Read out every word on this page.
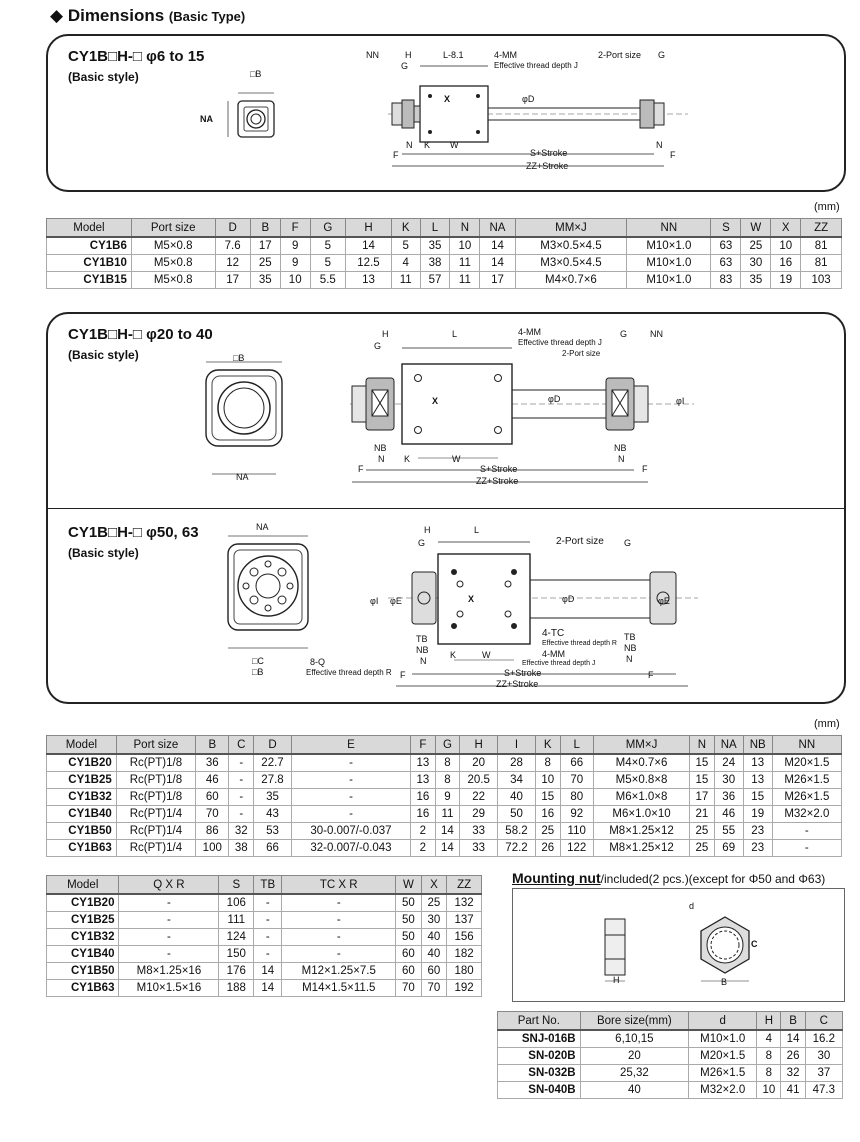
◆ Dimensions (Basic Type)
CY1B□H-□ φ6 to 15
(Basic style)	□B
NA
NN	H
G
L-8.1	4-MM
Effective thread depth J
2-Port size G
X	φD
N K W	N
F	S+Stroke	F
ZZ+Stroke
(mm)
Model	Port size	D	B	F	G	H	K	L	N	NA	MM×J	NN	S	W	X	ZZ
CY1B6	M5×0.8	7.6	17	9	5	14	5	35	10	14	M3×0.5×4.5	M10×1.0	63	25	10	81
CY1B10	M5×0.8	12	25	9	5	12.5	4	38	11	14	M3×0.5×4.5	M10×1.0	63	30	16	81
CY1B15	M5×0.8	17	35	10	5.5	13	11	57	11	17	M4×0.7×6	M10×1.0	83	35	19	103
CY1B□H-□ φ20 to 40
(Basic style)	□B
NA
H
G
L	4-MM
Effective thread depth J
2-Port size
G	NN
X	φD	φI
NB
N K	W
NB
N
F	S+Stroke	F
ZZ+Stroke
CY1B□H-□ φ50, 63
(Basic style)
NA
□C
□B
8-Q
Effective thread depth R
H
G
L
2-Port size G
φI φE	X	φD	φE
4-TC
Effective thread depth R
4-MM
Effective thread depth J
TB	TB
NB	NB
N	N
K	W
F	S+Stroke	F
ZZ+Stroke
(mm)
Model	Port size	B	C	D	E	F	G	H	I	K	L	MM×J	N	NA	NB	NN
CY1B20	Rc(PT)1/8	36	-	22.7	-	13	8	20	28	8	66	M4×0.7×6	15	24	13	M20×1.5
CY1B25	Rc(PT)1/8	46	-	27.8	-	13	8	20.5	34	10	70	M5×0.8×8	15	30	13	M26×1.5
CY1B32	Rc(PT)1/8	60	-	35	-	16	9	22	40	15	80	M6×1.0×8	17	36	15	M26×1.5
CY1B40	Rc(PT)1/4	70	-	43	-	16	11	29	50	16	92	M6×1.0×10	21	46	19	M32×2.0
CY1B50	Rc(PT)1/4	86	32	53	30-0.007/-0.037	2	14	33	58.2	25	110	M8×1.25×12	25	55	23	-
CY1B63	Rc(PT)1/4	100	38	66	32-0.007/-0.043	2	14	33	72.2	26	122	M8×1.25×12	25	69	23	-
Model	Q X R	S	TB	TC X R	W	X	ZZ
CY1B20	-	106	-	-	50	25	132
CY1B25	-	111	-	-	50	30	137
CY1B32	-	124	-	-	50	40	156
CY1B40	-	150	-	-	60	40	182
CY1B50	M8×1.25×16	176	14	M12×1.25×7.5	60	60	180
CY1B63	M10×1.5×16	188	14	M14×1.5×11.5	70	70	192
Mounting nut/included(2 pcs.)(except for Φ50 and Φ63)
H
d
C
B
Part No.	Bore size(mm)	d	H	B	C
SNJ-016B	6,10,15	M10×1.0	4	14	16.2
SN-020B	20	M20×1.5	8	26	30
SN-032B	25,32	M26×1.5	8	32	37
SN-040B	40	M32×2.0	10	41	47.3
